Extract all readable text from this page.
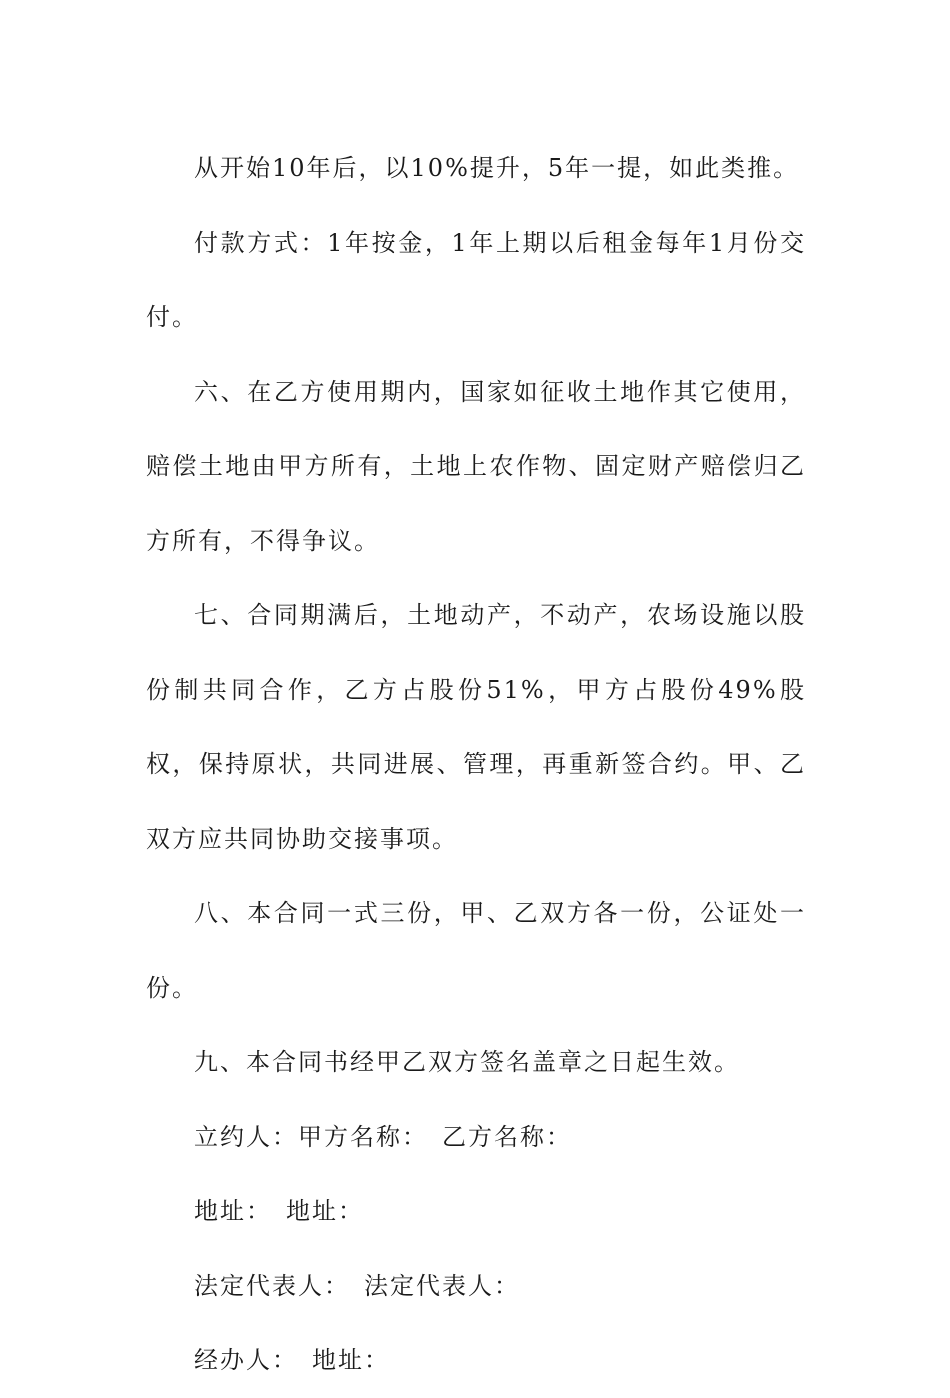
从开始10年后，以10%提升，5年一提，如此类推。

付款方式：1年按金，1年上期以后租金每年1月份交付。

六、在乙方使用期内，国家如征收土地作其它使用，赔偿土地由甲方所有，土地上农作物、固定财产赔偿归乙方所有，不得争议。

七、合同期满后，土地动产，不动产，农场设施以股份制共同合作，乙方占股份51%，甲方占股份49%股权，保持原状，共同进展、管理，再重新签合约。甲、乙双方应共同协助交接事项。

八、本合同一式三份，甲、乙双方各一份，公证处一份。

九、本合同书经甲乙双方签名盖章之日起生效。

立约人：甲方名称：　乙方名称：

地址：　地址：

法定代表人：　法定代表人：

经办人：　地址：
